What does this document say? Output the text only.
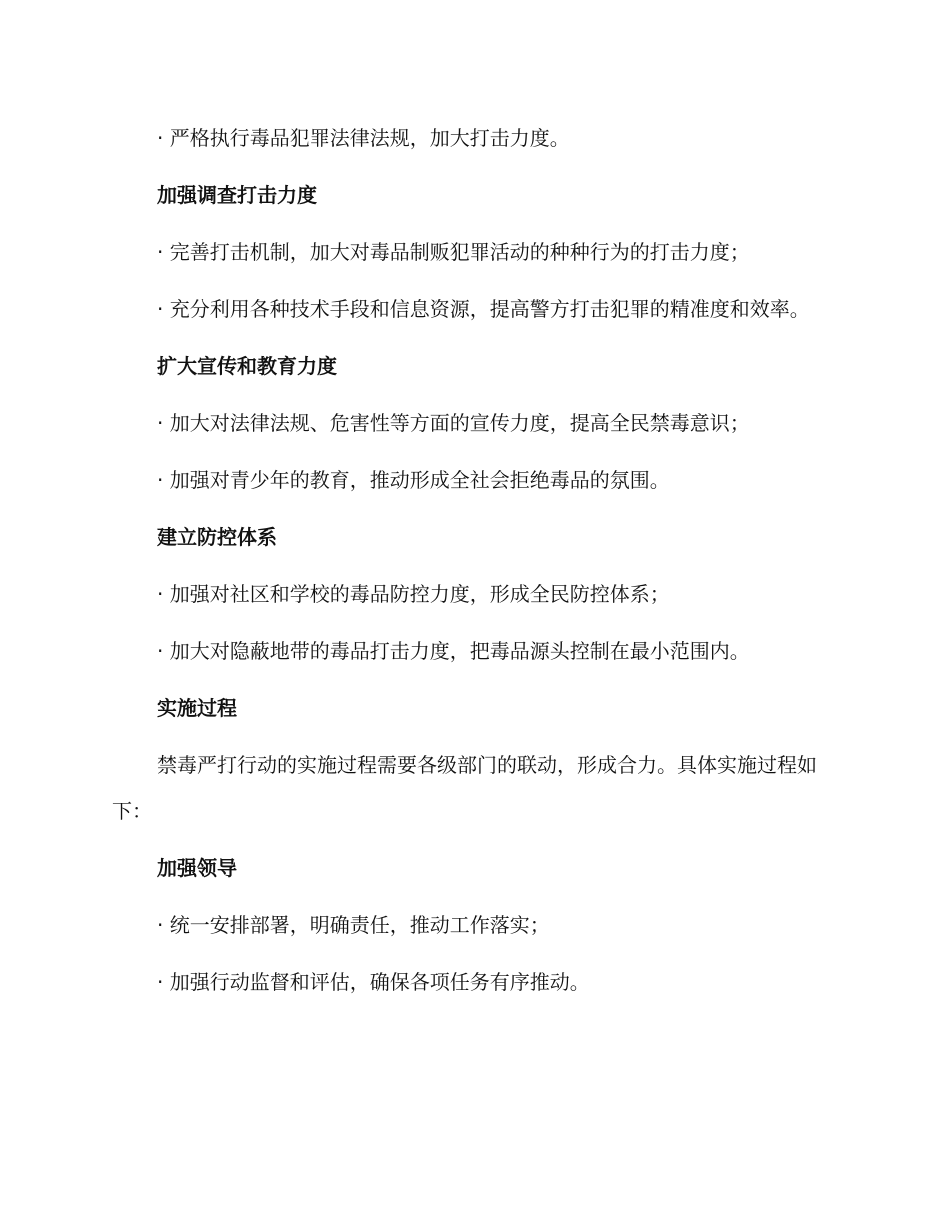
· 严格执行毒品犯罪法律法规，加大打击力度。

加强调查打击力度

· 完善打击机制，加大对毒品制贩犯罪活动的种种行为的打击力度；

· 充分利用各种技术手段和信息资源，提高警方打击犯罪的精准度和效率。

扩大宣传和教育力度

· 加大对法律法规、危害性等方面的宣传力度，提高全民禁毒意识；

· 加强对青少年的教育，推动形成全社会拒绝毒品的氛围。

建立防控体系

· 加强对社区和学校的毒品防控力度，形成全民防控体系；

· 加大对隐蔽地带的毒品打击力度，把毒品源头控制在最小范围内。

实施过程

禁毒严打行动的实施过程需要各级部门的联动，形成合力。具体实施过程如下：

加强领导

· 统一安排部署，明确责任，推动工作落实；

· 加强行动监督和评估，确保各项任务有序推动。
